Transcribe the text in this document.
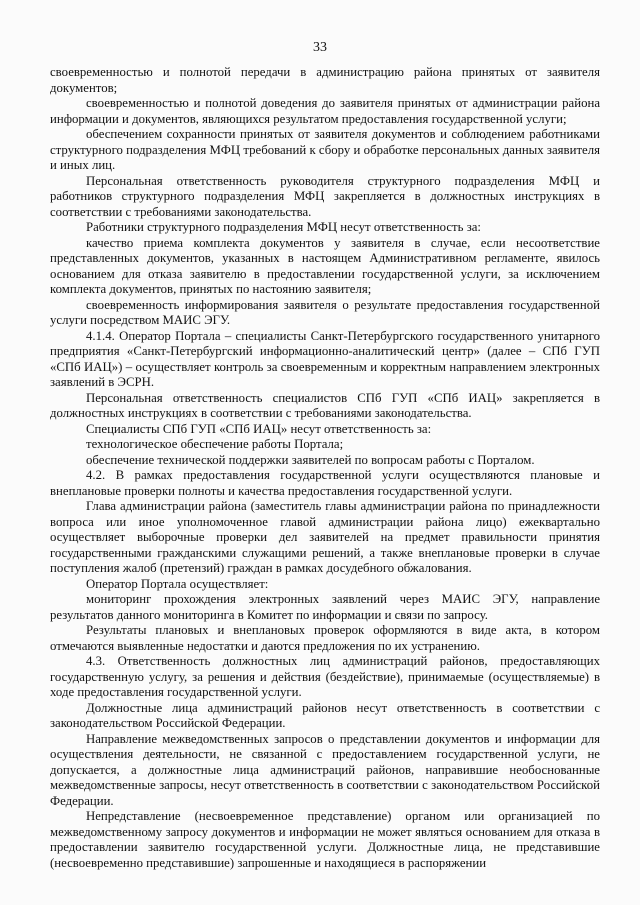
33

своевременностью и полнотой передачи в администрацию района принятых от заявителя документов;

своевременностью и полнотой доведения до заявителя принятых от администрации района информации и документов, являющихся результатом предоставления государственной услуги;

обеспечением сохранности принятых от заявителя документов и соблюдением работниками структурного подразделения МФЦ требований к сбору и обработке персональных данных заявителя и иных лиц.

Персональная ответственность руководителя структурного подразделения МФЦ и работников структурного подразделения МФЦ закрепляется в должностных инструкциях в соответствии с требованиями законодательства.

Работники структурного подразделения МФЦ несут ответственность за:

качество приема комплекта документов у заявителя в случае, если несоответствие представленных документов, указанных в настоящем Административном регламенте, явилось основанием для отказа заявителю в предоставлении государственной услуги, за исключением комплекта документов, принятых по настоянию заявителя;

своевременность информирования заявителя о результате предоставления государственной услуги посредством МАИС ЭГУ.

4.1.4. Оператор Портала – специалисты Санкт-Петербургского государственного унитарного предприятия «Санкт-Петербургский информационно-аналитический центр» (далее – СПб ГУП «СПб ИАЦ») – осуществляет контроль за своевременным и корректным направлением электронных заявлений в ЭСРН.

Персональная ответственность специалистов СПб ГУП «СПб ИАЦ» закрепляется в должностных инструкциях в соответствии с требованиями законодательства.

Специалисты СПб ГУП «СПб ИАЦ» несут ответственность за:

технологическое обеспечение работы Портала;

обеспечение технической поддержки заявителей по вопросам работы с Порталом.

4.2. В рамках предоставления государственной услуги осуществляются плановые и внеплановые проверки полноты и качества предоставления государственной услуги.

Глава администрации района (заместитель главы администрации района по принадлежности вопроса или иное уполномоченное главой администрации района лицо) ежеквартально осуществляет выборочные проверки дел заявителей на предмет правильности принятия государственными гражданскими служащими решений, а также внеплановые проверки в случае поступления жалоб (претензий) граждан в рамках досудебного обжалования.

Оператор Портала осуществляет:

мониторинг прохождения электронных заявлений через МАИС ЭГУ, направление результатов данного мониторинга в Комитет по информации и связи по запросу.

Результаты плановых и внеплановых проверок оформляются в виде акта, в котором отмечаются выявленные недостатки и даются предложения по их устранению.

4.3. Ответственность должностных лиц администраций районов, предоставляющих государственную услугу, за решения и действия (бездействие), принимаемые (осуществляемые) в ходе предоставления государственной услуги.

Должностные лица администраций районов несут ответственность в соответствии с законодательством Российской Федерации.

Направление межведомственных запросов о представлении документов и информации для осуществления деятельности, не связанной с предоставлением государственной услуги, не допускается, а должностные лица администраций районов, направившие необоснованные межведомственные запросы, несут ответственность в соответствии с законодательством Российской Федерации.

Непредставление (несвоевременное представление) органом или организацией по межведомственному запросу документов и информации не может являться основанием для отказа в предоставлении заявителю государственной услуги. Должностные лица, не представившие (несвоевременно представившие) запрошенные и находящиеся в распоряжении
